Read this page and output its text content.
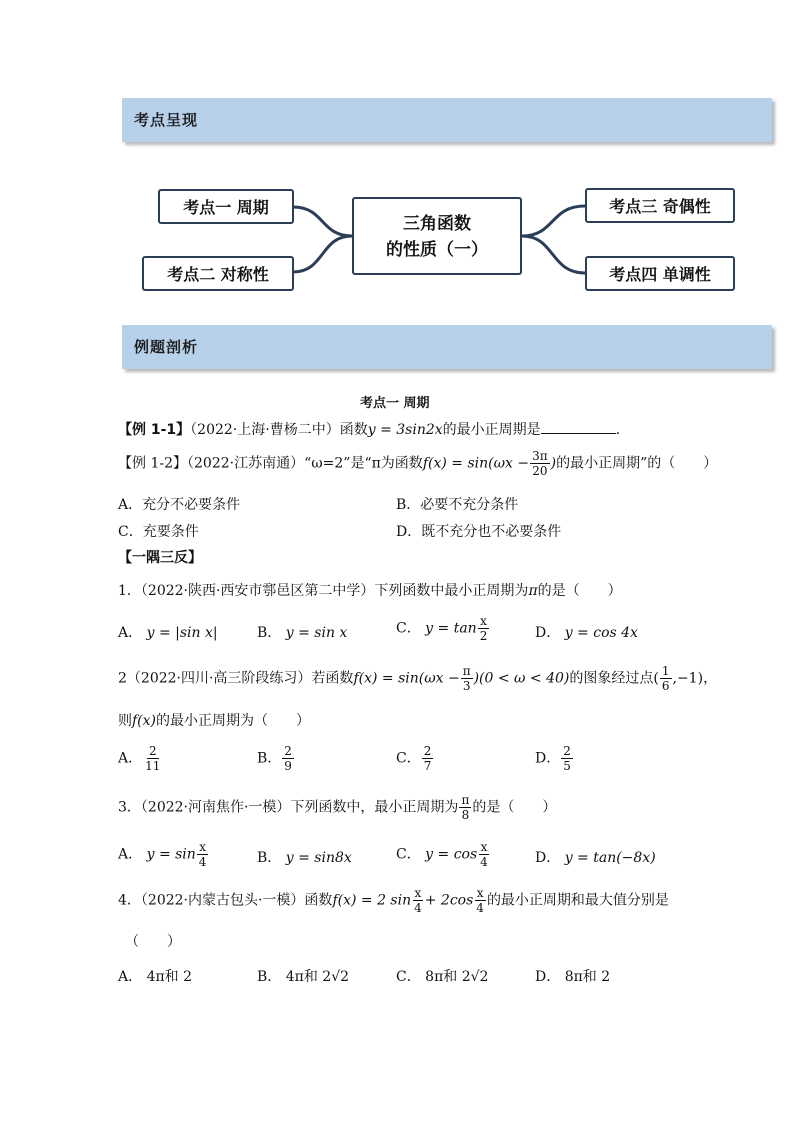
考点呈现
考点一 周期
考点二 对称性
考点三 奇偶性
考点四 单调性
三角函数
的性质（一）
例题剖析
考点一 周期
【例 1-1】（2022·上海·曹杨二中）函数y = 3sin2x的最小正周期是	.
【例 1-2】（2022·江苏南通）“ω=2”是“π为函数$f(x) = \sin(\omega x - \frac{3\pi}{20}$ )的最小正周期”的（　　）
A．充分不必要条件	B．必要不充分条件
C．充要条件	D．既不充分也不必要条件
【一隅三反】
1．（2022·陕西·西安市鄠邑区第二中学）下列函数中最小正周期为π的是（　　）
A． y = |sin x|	B． y = sin x	C． $y = \tan \frac{x}{2}$	D． y = cos 4x
2（2022·四川·高三阶段练习）若函数$f(x) = \sin(\omega x - \frac{\pi}{3} )(0 < \omega < 40)$的图象经过点( $\frac{1}{6} ,-1$)，
则f(x)的最小正周期为（　　）
A． $\frac{2}{11}$	B． $\frac{2}{9}$	C． $\frac{2}{7}$	D． $\frac{2}{5}$
3．（2022·河南焦作·一模）下列函数中，最小正周期为 $\frac{\pi}{8}$ 的是（　　）
A． $y = \sin \frac{x}{4}$	B． y = sin8x	C． $y = \cos \frac{x}{4}$	D． y = tan(−8x)
4．（2022·内蒙古包头·一模）函数f(x) = 2 $\sin \frac{x}{4} + 2\cos \frac{x}{4}$ 的最小正周期和最大值分别是
（　　）
A． 4π和 2	B． 4π和 2√2	C． 8π和 2√2	D． 8π和 2
